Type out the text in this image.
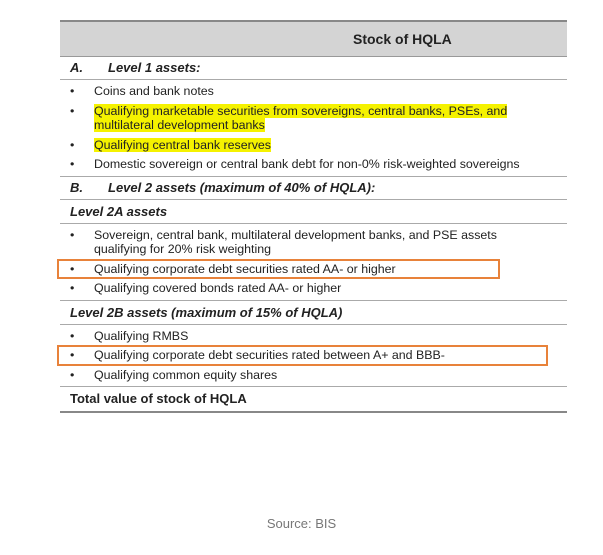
Stock of HQLA
A. Level 1 assets:
• Coins and bank notes
• Qualifying marketable securities from sovereigns, central banks, PSEs, and multilateral development banks
• Qualifying central bank reserves
• Domestic sovereign or central bank debt for non-0% risk-weighted sovereigns
B. Level 2 assets (maximum of 40% of HQLA):
Level 2A assets
• Sovereign, central bank, multilateral development banks, and PSE assets qualifying for 20% risk weighting
• Qualifying corporate debt securities rated AA- or higher
• Qualifying covered bonds rated AA- or higher
Level 2B assets (maximum of 15% of HQLA)
• Qualifying RMBS
• Qualifying corporate debt securities rated between A+ and BBB-
• Qualifying common equity shares
Total value of stock of HQLA
Source: BIS
